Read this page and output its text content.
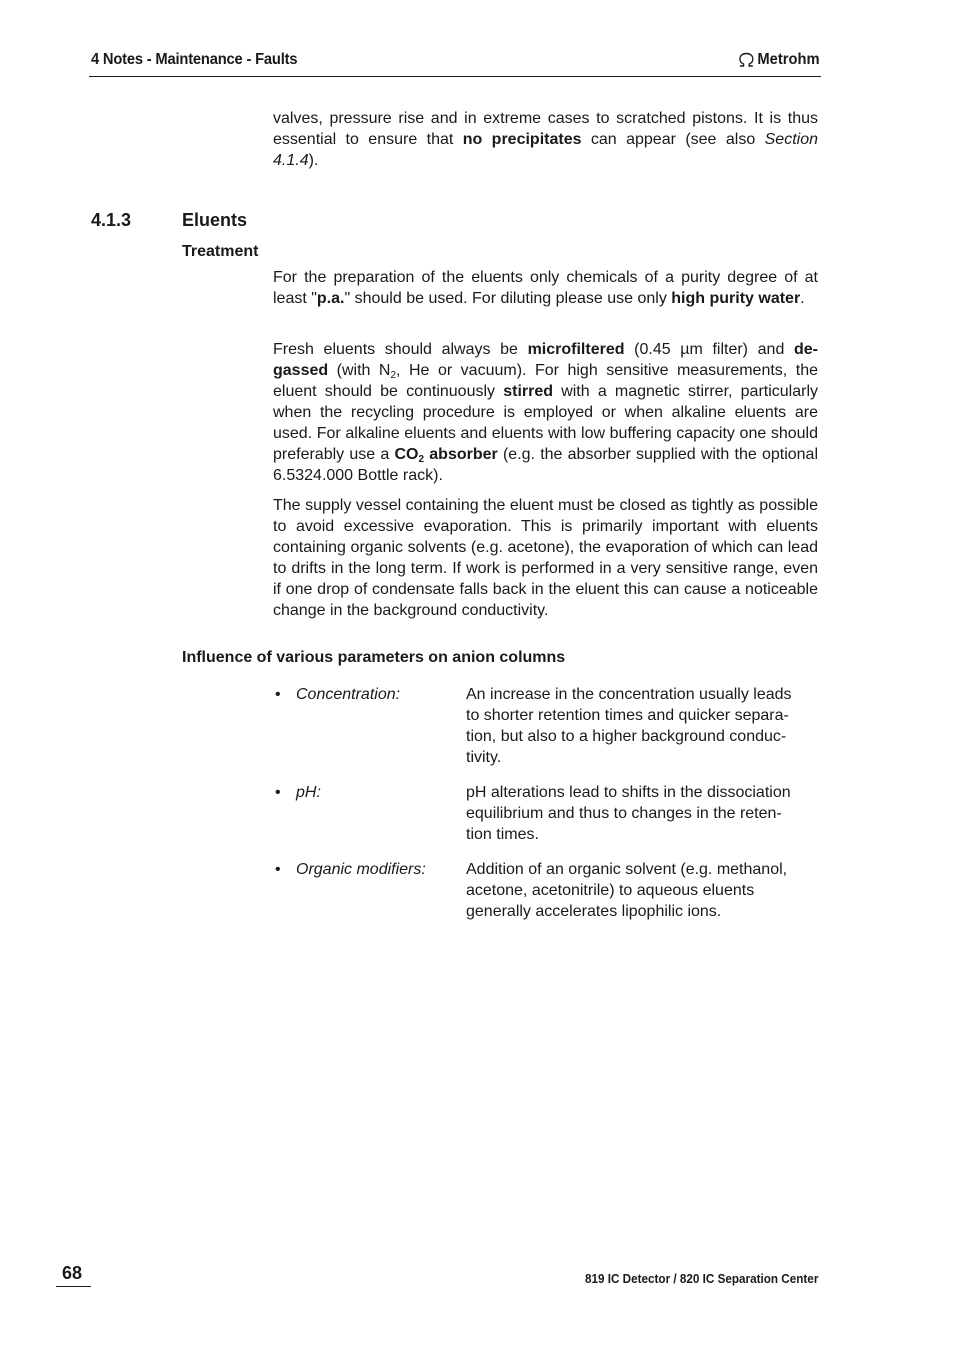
4 Notes - Maintenance - Faults	Metrohm
valves, pressure rise and in extreme cases to scratched pistons. It is thus essential to ensure that no precipitates can appear (see also Section 4.1.4).
4.1.3	Eluents
Treatment
For the preparation of the eluents only chemicals of a purity degree of at least "p.a." should be used. For diluting please use only high purity water.
Fresh eluents should always be microfiltered (0.45 µm filter) and de-gassed (with $N_2$, He or vacuum). For high sensitive measurements, the eluent should be continuously stirred with a magnetic stirrer, particularly when the recycling procedure is employed or when alkaline eluents are used. For alkaline eluents and eluents with low buffering capacity one should preferably use a $CO_2$ absorber (e.g. the absorber supplied with the optional 6.5324.000 Bottle rack).
The supply vessel containing the eluent must be closed as tightly as possible to avoid excessive evaporation. This is primarily important with eluents containing organic solvents (e.g. acetone), the evaporation of which can lead to drifts in the long term. If work is performed in a very sensitive range, even if one drop of condensate falls back in the eluent this can cause a noticeable change in the background conductivity.
Influence of various parameters on anion columns
• Concentration:	An increase in the concentration usually leads
to shorter retention times and quicker separa-
tion, but also to a higher background conduc-
tivity.
• pH:	pH alterations lead to shifts in the dissociation
equilibrium and thus to changes in the reten-
tion times.
• Organic modifiers:	Addition of an organic solvent (e.g. methanol,
acetone, acetonitrile) to aqueous eluents
generally accelerates lipophilic ions.
68	819 IC Detector / 820 IC Separation Center
